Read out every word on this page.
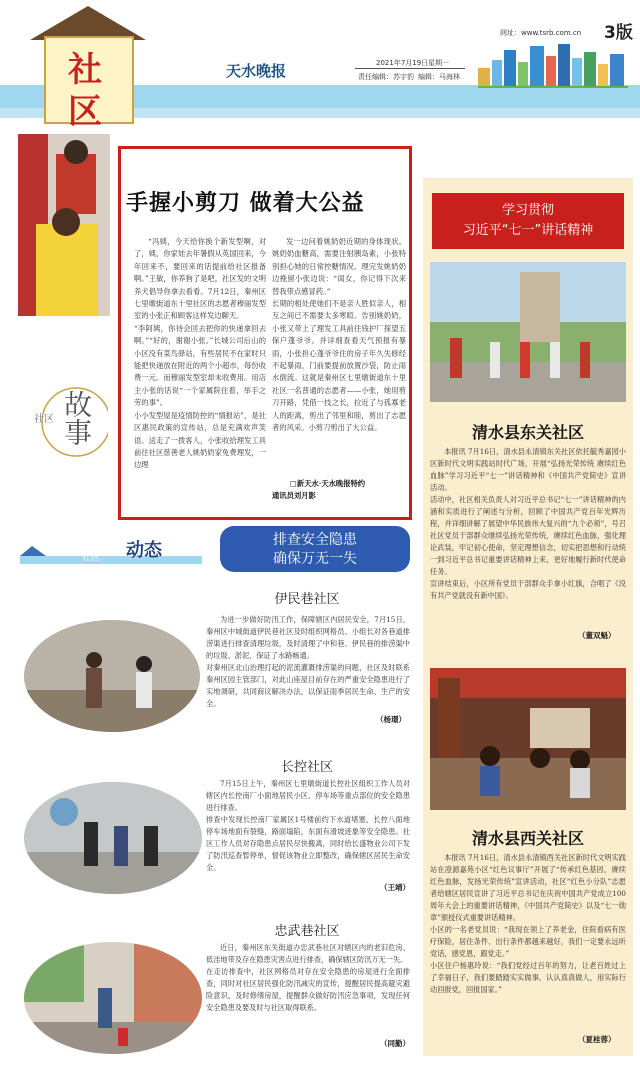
社
区
天水晚报	2021年7月19日 星期一
责任编辑：苏宇豹 编辑：马海林
网址：www.tsrb.com.cn 3版
手握小剪刀 做着大公益
“冯姨，今天给你换个新发型啊，对了，姨，你家娃去年暑假从英国回来，今年回来不，要回来的话提前给社区报备啊。”王敏，你养狗了是吧，社区发的文明养犬倡导你拿去看看。7月12日，秦州区七里墩街道东十里社区的志愿者穆丽发型室的小张正和顾客这样发边聊天。
“李阿姨，你待会回去把你的快递拿回去啊。”“好的，谢谢小张。”长城公司后山的小区没有菜鸟驿站，有些居民不在家时只能把快递放在附近的两个小超市，每份收费一元。而穆丽发型室却未收费用。用店主小张的话说“一个家属院住着，举手之劳的事”。
小小发型屋是疫情防控的“情报站”，是社区惠民政策的宣传站，总是充满欢声笑语。送走了一拨客人，小张收拾理发工具前往社区慈善老人姚奶奶家免费理发，一边理
发一边问着姚奶奶近期的身体现状。姚奶奶血糖高，需要注射胰岛素，小张特别担心她的日常控糖情况。理完发姚奶奶边挽留小张边说：“闺女，你记得下次来替我带点感冒药。”
长期的相处使她们不是亲人胜似亲人，相互之间已不需要太多寒暄。告别姚奶奶，小张又带上了理发工具前往钱护厂探望五保户蓬爷爷。并详细查看天气预报有暴雨，小张担心蓬爷爷住的房子年久失修经不起暴雨，门前要提前放置沙袋，防止雨水倒流。这就是秦州区七里墩街道东十里社区一名普通的志愿者——小张，她用剪刀开路，凭借一技之长，拉近了与孤寡老人的距离，剪出了邻里和睦，剪出了志愿者的风采。小剪刀剪出了大公益。
□新天水·天水晚报特约
通讯员刘月影
社区 故事
社区 动态	排查安全隐患
确保万无一失
伊民巷社区
为进一步做好防汛工作，保障辖区内居民安全，7月15日，秦州区中城街道伊民巷社区及时组织网格员、小组长对各巷道排涝渠进行排查清理垃圾，及时清理了中和巷、伊民巷的排涝渠中的垃圾、淤泥，保证了水路畅通。
对秦州区北山治理打起的泥流灌溉排涝渠的问题，社区及时联系秦州区园主管部门，对此山座屋目前存在的严重安全隐患进行了实地调研，共同商议解决办法，以保证雨季居民生命、生产的安全。
（杨璟）
长控社区
7月15日上午，秦州区七里墩街道长控社区组织工作人员对辖区内长控南厂小面地居民小区、停车场等重点部位的安全隐患进行排查。
排查中发现长控南厂家属区1号楼前约下水道堵塞，长控八面地停车场地面有裂缝，路面塌陷，东面有滑坡迹象等安全隐患。社区工作人员对存隐患点居民尽快搬离，同时给长盛物业公司下发了防汛巡查暂停单，督促该物业立即整改，确保辖区居民生命安全。
（王靖）
忠武巷社区
近日，秦州区东关街道办忠武巷社区对辖区内的老旧危房、低洼地带及存在隐患灾害点进行排查，确保辖区防汛万无一失。
在走访排查中，社区网格员对存在安全隐患的房屋进行全面排查，同时对社区居民强化防汛减灾的宣传，提醒居民提高避灾避险意识，及时修缮房屋，提醒群众做好防汛应急事项，发现任何安全隐患及要及时与社区取得联系。
（同勤）
学习贯彻
习近平“七一”讲话精神
清水县东关社区
本报讯 7月16日，清水县永清镇东关社区依托毓秀嘉园小区新时代文明实践站时代广场，开展“弘扬光荣传统 赓续红色血脉”学习习近平“七一”讲话精神和《中国共产党简史》宣讲活动。
活动中，社区相关负责人对习近平总书记“七一”讲话精神的内涵和实质进行了阐述与分析，回顾了中国共产党百年光辉历程，并详细讲解了展望中华民族伟大复兴的“九个必须”，号召社区党员干部群众继续弘扬光荣传统，赓续红色血脉，强化理论武装，牢记初心使命，坚定理想信念，切实把思想和行动统一到习近平总书记重要讲话精神上来，更好地履行新时代使命任务。
宣讲结束后，小区所有党员干部群众手拿小红旗，合唱了《没有共产党就没有新中国》。
（董双魁）
清水县西关社区
本报讯 7月16日，清水县永清镇西关社区新时代文明实践站在澄源嘉苑小区“红色议事厅”开展了“传承红色基因，赓续红色血脉，发扬光荣传统”宣讲活动，社区“红色小分队”志愿者给辖区居民宣讲了习近平总书记在庆祝中国共产党成立100周年大会上的重要讲话精神，《中国共产党简史》以及“七一勋章”颁授仪式重要讲话精神。
小区的一名老党员说：“我现在领上了养老金，住院看病有医疗保险，居住条件、出行条件都越来越好，我们一定要永远听党话，感党恩，跟党走。”
小区住户杨惠玲说：“我们党经过百年的努力，让老百姓过上了幸福日子，我们要踏踏实实做事，认认真真做人，用实际行动回报党，回报国家。”
（夏桂蓉）
